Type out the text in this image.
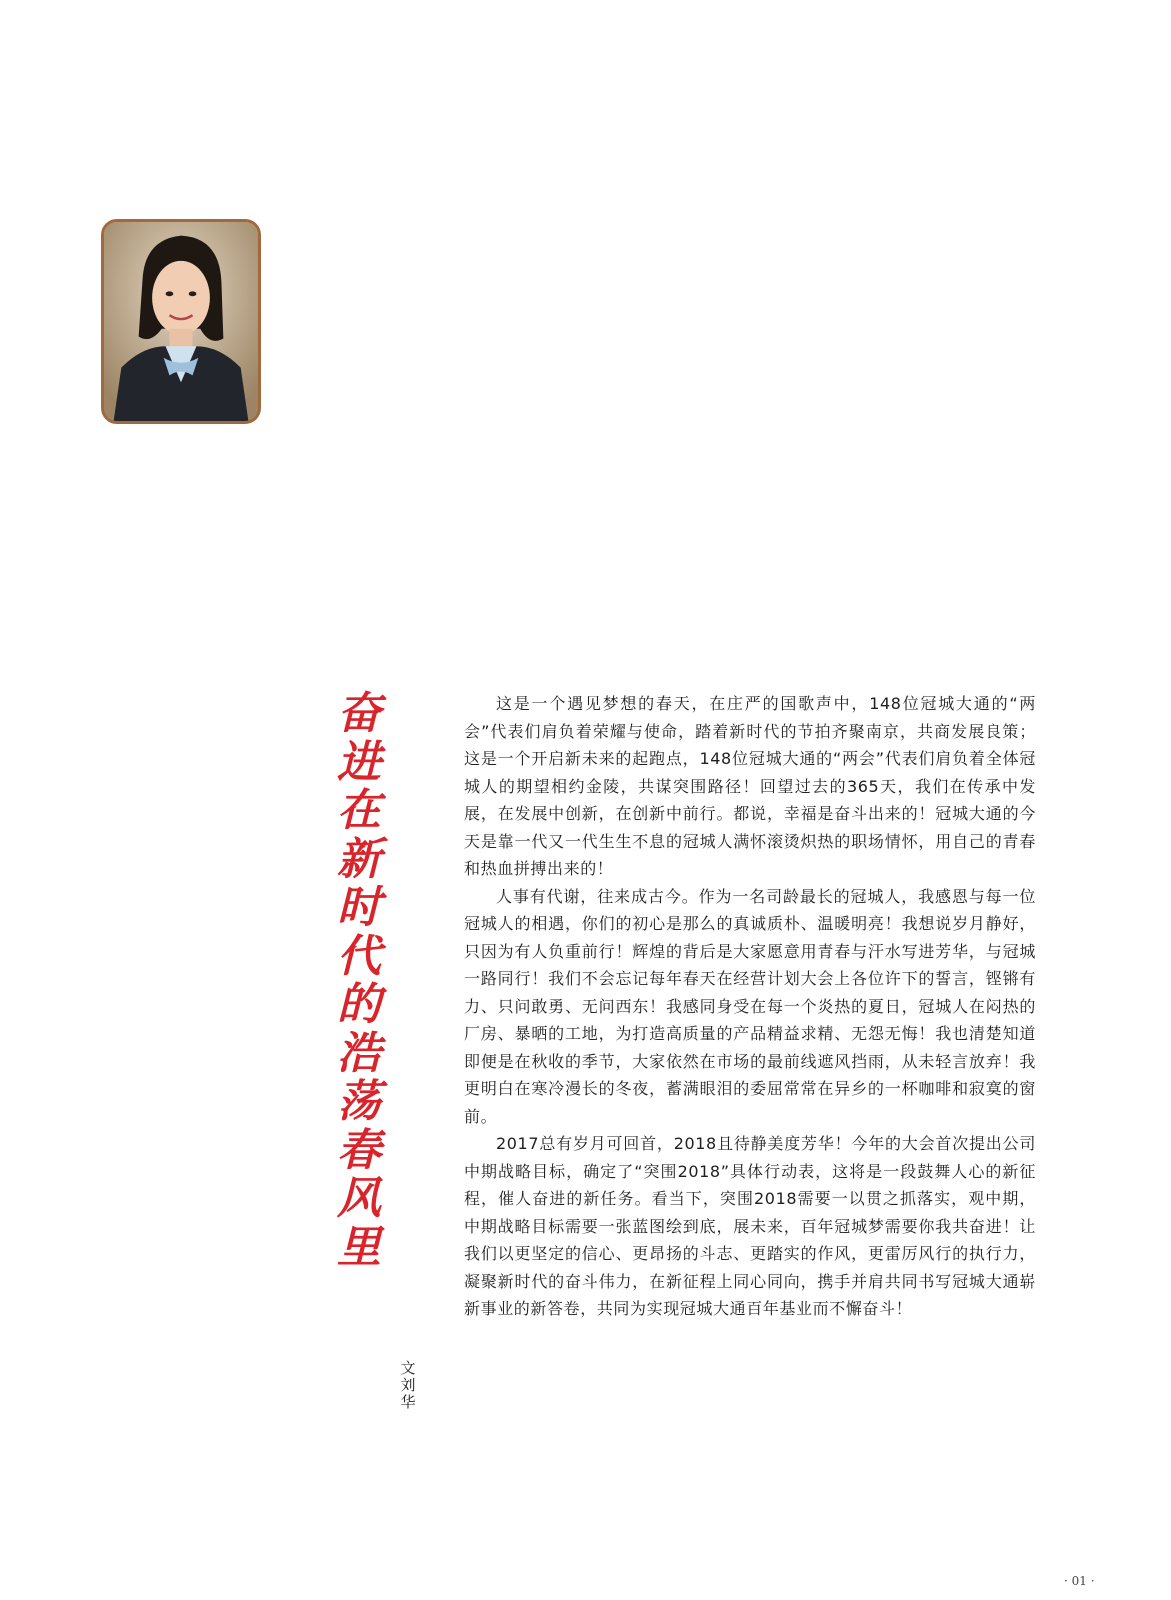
奋
进
在
新
时
代
的
浩
荡
春
风
里
文
刘
华

这是一个遇见梦想的春天，在庄严的国歌声中，148位冠城大通的“两会”代表们肩负着荣耀与使命，踏着新时代的节拍齐聚南京，共商发展良策；这是一个开启新未来的起跑点，148位冠城大通的“两会”代表们肩负着全体冠城人的期望相约金陵，共谋突围路径！回望过去的365天，我们在传承中发展，在发展中创新，在创新中前行。都说，幸福是奋斗出来的！冠城大通的今天是靠一代又一代生生不息的冠城人满怀滚烫炽热的职场情怀，用自己的青春和热血拼搏出来的！

人事有代谢，往来成古今。作为一名司龄最长的冠城人，我感恩与每一位冠城人的相遇，你们的初心是那么的真诚质朴、温暖明亮！我想说岁月静好，只因为有人负重前行！辉煌的背后是大家愿意用青春与汗水写进芳华，与冠城一路同行！我们不会忘记每年春天在经营计划大会上各位许下的誓言，铿锵有力、只问敢勇、无问西东！我感同身受在每一个炎热的夏日，冠城人在闷热的厂房、暴晒的工地，为打造高质量的产品精益求精、无怨无悔！我也清楚知道即便是在秋收的季节，大家依然在市场的最前线遮风挡雨，从未轻言放弃！我更明白在寒冷漫长的冬夜，蓄满眼泪的委屈常常在异乡的一杯咖啡和寂寞的窗前。

2017总有岁月可回首，2018且待静美度芳华！今年的大会首次提出公司中期战略目标，确定了“突围2018”具体行动表，这将是一段鼓舞人心的新征程，催人奋进的新任务。看当下，突围2018需要一以贯之抓落实，观中期，中期战略目标需要一张蓝图绘到底，展未来，百年冠城梦需要你我共奋进！让我们以更坚定的信心、更昂扬的斗志、更踏实的作风，更雷厉风行的执行力，凝聚新时代的奋斗伟力，在新征程上同心同向，携手并肩共同书写冠城大通崭新事业的新答卷，共同为实现冠城大通百年基业而不懈奋斗！

· 01 ·
